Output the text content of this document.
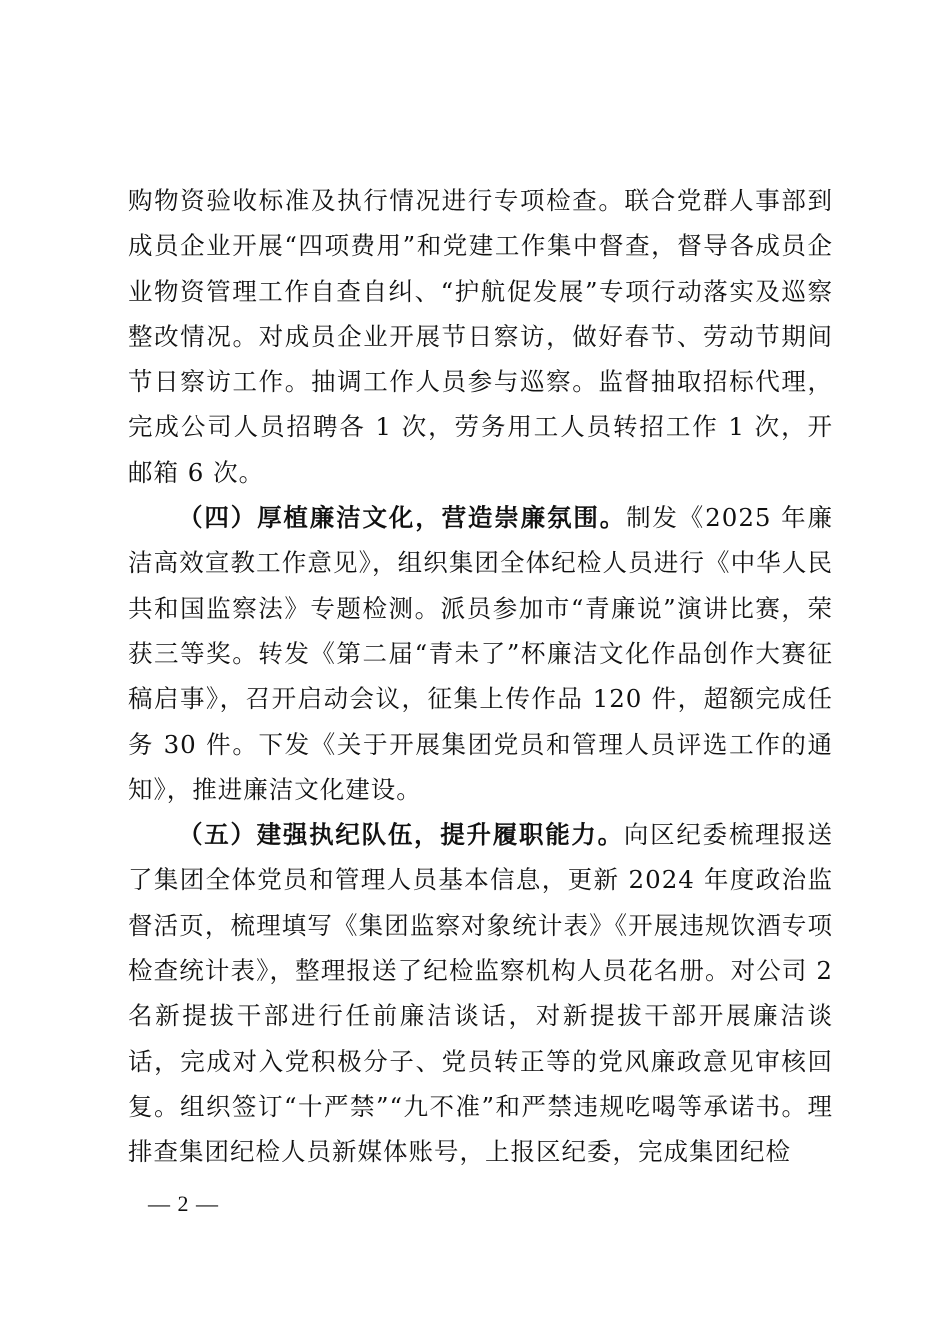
购物资验收标准及执行情况进行专项检查。联合党群人事部到成员企业开展“四项费用”和党建工作集中督查，督导各成员企业物资管理工作自查自纠、“护航促发展”专项行动落实及巡察整改情况。对成员企业开展节日察访，做好春节、劳动节期间节日察访工作。抽调工作人员参与巡察。监督抽取招标代理，完成公司人员招聘各 1 次，劳务用工人员转招工作 1 次，开邮箱 6 次。

（四）厚植廉洁文化，营造崇廉氛围。制发《2025 年廉洁高效宣教工作意见》，组织集团全体纪检人员进行《中华人民共和国监察法》专题检测。派员参加市“青廉说”演讲比赛，荣获三等奖。转发《第二届“青未了”杯廉洁文化作品创作大赛征稿启事》，召开启动会议，征集上传作品 120 件，超额完成任务 30 件。下发《关于开展集团党员和管理人员评选工作的通知》，推进廉洁文化建设。

（五）建强执纪队伍，提升履职能力。向区纪委梳理报送了集团全体党员和管理人员基本信息，更新 2024 年度政治监督活页，梳理填写《集团监察对象统计表》《开展违规饮酒专项检查统计表》，整理报送了纪检监察机构人员花名册。对公司 2 名新提拔干部进行任前廉洁谈话，对新提拔干部开展廉洁谈话，完成对入党积极分子、党员转正等的党风廉政意见审核回复。组织签订“十严禁”“九不准”和严禁违规吃喝等承诺书。理排查集团纪检人员新媒体账号，上报区纪委，完成集团纪检

— 2 —
